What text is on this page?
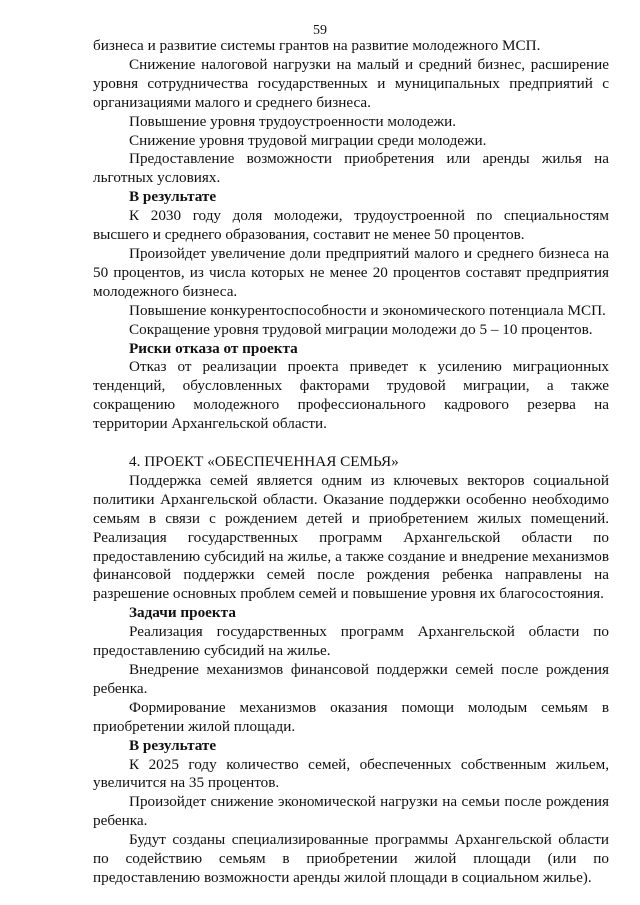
59

бизнеса и развитие системы грантов на развитие молодежного МСП.

Снижение налоговой нагрузки на малый и средний бизнес, расширение уровня сотрудничества государственных и муниципальных предприятий с организациями малого и среднего бизнеса.

Повышение уровня трудоустроенности молодежи.

Снижение уровня трудовой миграции среди молодежи.

Предоставление возможности приобретения или аренды жилья на льготных условиях.

В результате

К 2030 году доля молодежи, трудоустроенной по специальностям высшего и среднего образования, составит не менее 50 процентов.

Произойдет увеличение доли предприятий малого и среднего бизнеса на 50 процентов, из числа которых не менее 20 процентов составят предприятия молодежного бизнеса.

Повышение конкурентоспособности и экономического потенциала МСП.

Сокращение уровня трудовой миграции молодежи до 5 – 10 процентов.

Риски отказа от проекта

Отказ от реализации проекта приведет к усилению миграционных тенденций, обусловленных факторами трудовой миграции, а также сокращению молодежного профессионального кадрового резерва на территории Архангельской области.

4. ПРОЕКТ «ОБЕСПЕЧЕННАЯ СЕМЬЯ»

Поддержка семей является одним из ключевых векторов социальной политики Архангельской области. Оказание поддержки особенно необходимо семьям в связи с рождением детей и приобретением жилых помещений. Реализация государственных программ Архангельской области по предоставлению субсидий на жилье, а также создание и внедрение механизмов финансовой поддержки семей после рождения ребенка направлены на разрешение основных проблем семей и повышение уровня их благосостояния.

Задачи проекта

Реализация государственных программ Архангельской области по предоставлению субсидий на жилье.

Внедрение механизмов финансовой поддержки семей после рождения ребенка.

Формирование механизмов оказания помощи молодым семьям в приобретении жилой площади.

В результате

К 2025 году количество семей, обеспеченных собственным жильем, увеличится на 35 процентов.

Произойдет снижение экономической нагрузки на семьи после рождения ребенка.

Будут созданы специализированные программы Архангельской области по содействию семьям в приобретении жилой площади (или по предоставлению возможности аренды жилой площади в социальном жилье).
